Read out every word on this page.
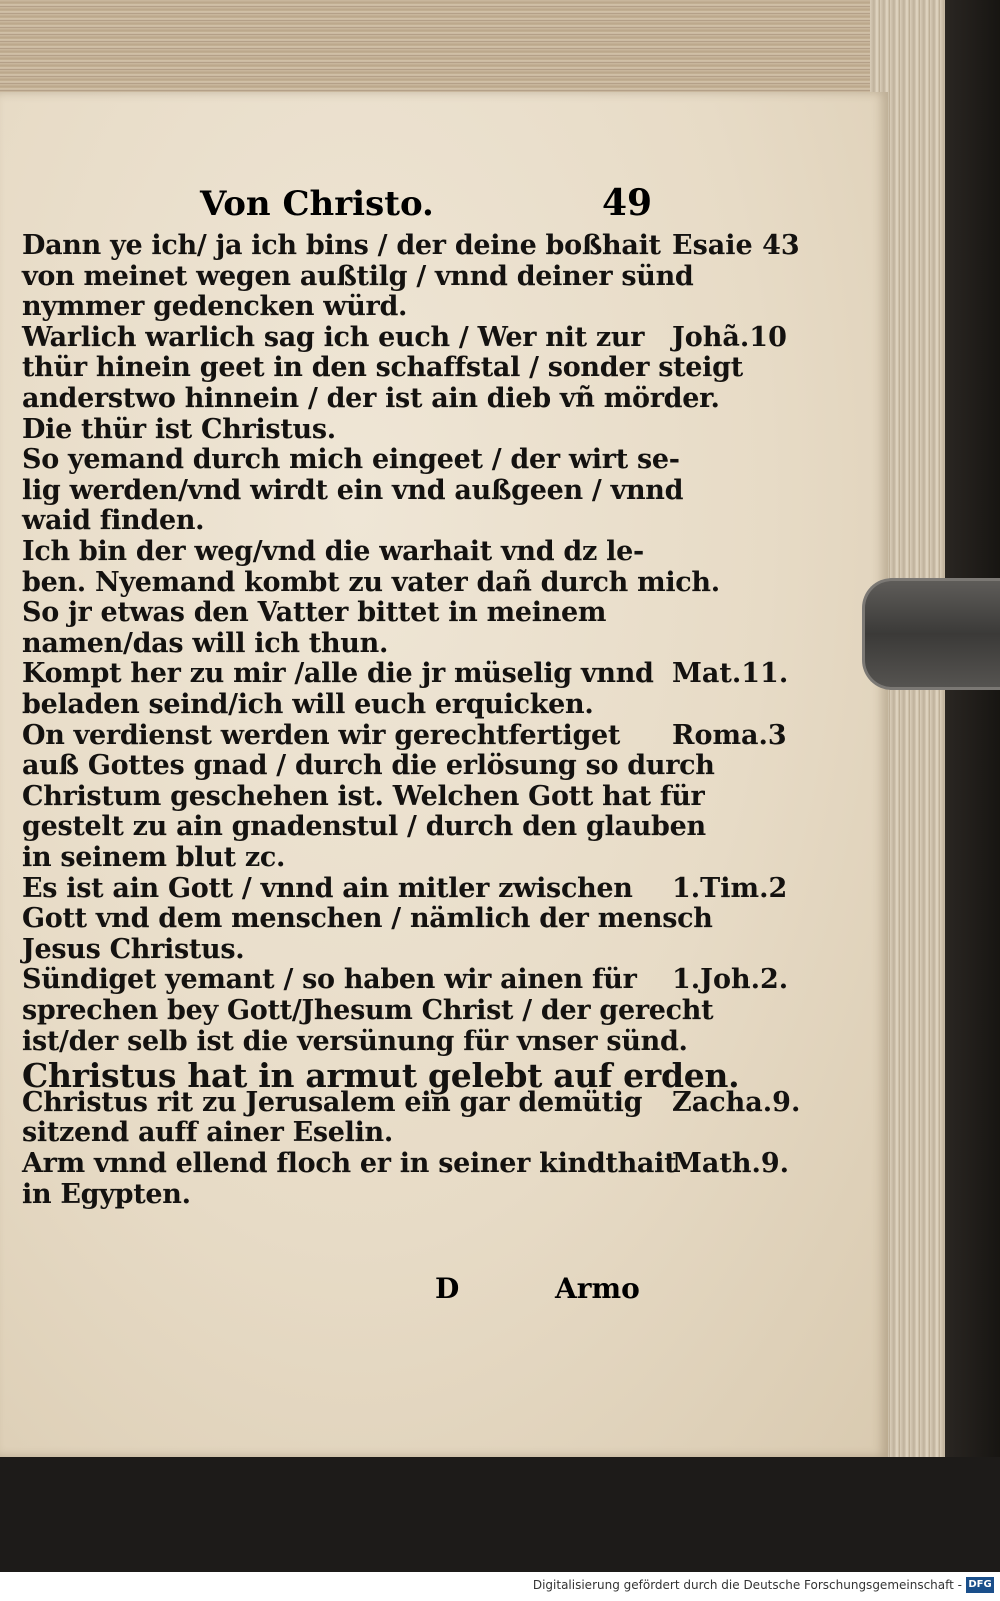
Von Christo.	49
Dann ye ich/ ja ich bins / der deine boßhait Esaie 43
von meinet wegen außtilg / vnnd deiner sünd
nymmer gedencken würd.
Warlich warlich sag ich euch / Wer nit zur Johã.10
thür hinein geet in den schaffstal / sonder steigt
anderstwo hinnein / der ist ain dieb vñ mörder.
Die thür ist Christus.
So yemand durch mich eingeet / der wirt se-
lig werden/vnd wirdt ein vnd außgeen / vnnd
waid finden.
Ich bin der weg/vnd die warhait vnd dz le-
ben. Nyemand kombt zu vater dañ durch mich.
So jr etwas den Vatter bittet in meinem
namen/das will ich thun.
Kompt her zu mir /alle die jr müselig vnnd Mat.11.
beladen seind/ich will euch erquicken.
On verdienst werden wir gerechtfertiget Roma.3
auß Gottes gnad / durch die erlösung so durch
Christum geschehen ist. Welchen Gott hat für
gestelt zu ain gnadenstul / durch den glauben
in seinem blut zc.
Es ist ain Gott / vnnd ain mitler zwischen 1.Tim.2
Gott vnd dem menschen / nämlich der mensch
Jesus Christus.
Sündiget yemant / so haben wir ainen für 1.Joh.2.
sprechen bey Gott/Jhesum Christ / der gerecht
ist/der selb ist die versünung für vnser sünd.
Christus hat in armut gelebt auf erden.
Christus rit zu Jerusalem ein gar demütig Zacha.9.
sitzend auff ainer Eselin.
Arm vnnd ellend floch er in seiner kindthait
Math.9.
in Egypten.
D	Armo
Digitalisierung gefördert durch die Deutsche Forschungsgemeinschaft - DFG
